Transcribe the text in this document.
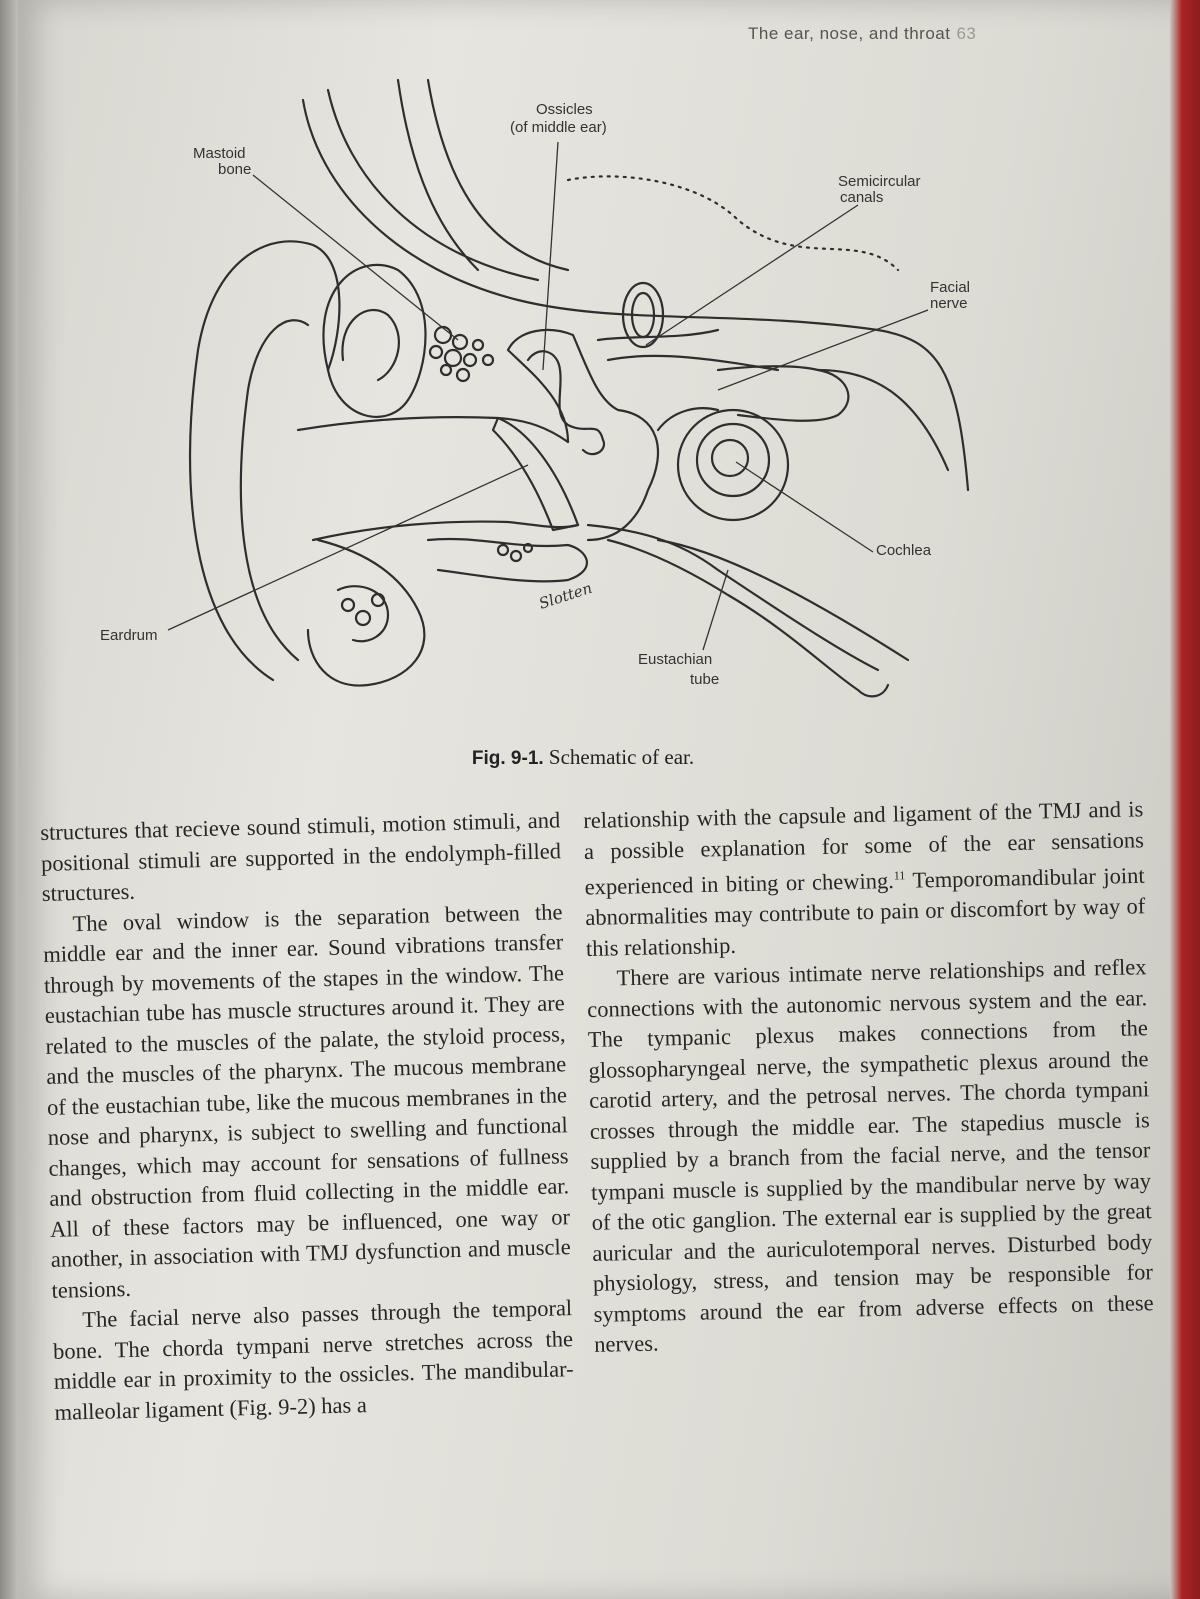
The ear, nose, and throat 63
Mastoid
bone
Ossicles
(of middle ear)
Semicircular
canals
Facial
nerve
Cochlea
Eardrum
Eustachian
tube
Slotten
Fig. 9-1. Schematic of ear.

structures that recieve sound stimuli, motion stimuli, and positional stimuli are supported in the endolymph-filled structures.

The oval window is the separation between the middle ear and the inner ear. Sound vibrations transfer through by movements of the stapes in the window. The eustachian tube has muscle structures around it. They are related to the muscles of the palate, the styloid process, and the muscles of the pharynx. The mucous membrane of the eustachian tube, like the mucous membranes in the nose and pharynx, is subject to swelling and functional changes, which may account for sensations of fullness and obstruction from fluid collecting in the middle ear. All of these factors may be influenced, one way or another, in association with TMJ dysfunction and muscle tensions.

The facial nerve also passes through the temporal bone. The chorda tympani nerve stretches across the middle ear in proximity to the ossicles. The mandibular-malleolar ligament (Fig. 9-2) has a

relationship with the capsule and ligament of the TMJ and is a possible explanation for some of the ear sensations experienced in biting or chewing.$^{11}$ Temporomandibular joint abnormalities may contribute to pain or discomfort by way of this relationship.

There are various intimate nerve relationships and reflex connections with the autonomic nervous system and the ear. The tympanic plexus makes connections from the glossopharyngeal nerve, the sympathetic plexus around the carotid artery, and the petrosal nerves. The chorda tympani crosses through the middle ear. The stapedius muscle is supplied by a branch from the facial nerve, and the tensor tympani muscle is supplied by the mandibular nerve by way of the otic ganglion. The external ear is supplied by the great auricular and the auriculotemporal nerves. Disturbed body physiology, stress, and tension may be responsible for symptoms around the ear from adverse effects on these nerves.
